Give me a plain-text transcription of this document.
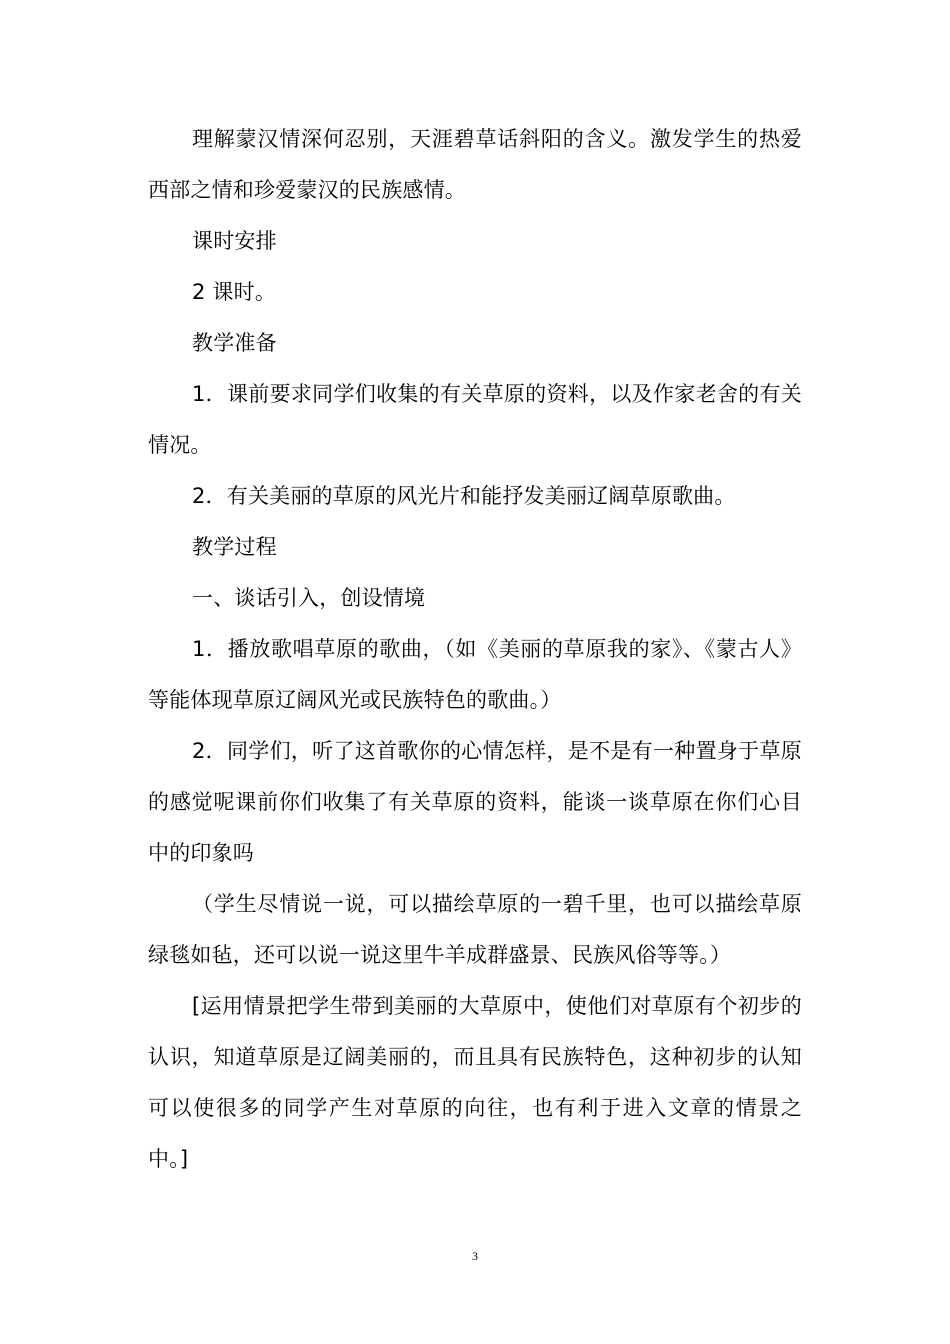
理解蒙汉情深何忍别，天涯碧草话斜阳的含义。激发学生的热爱西部之情和珍爱蒙汉的民族感情。

课时安排

2 课时。

教学准备

1．课前要求同学们收集的有关草原的资料，以及作家老舍的有关情况。

2．有关美丽的草原的风光片和能抒发美丽辽阔草原歌曲。

教学过程

一、谈话引入，创设情境

1．播放歌唱草原的歌曲，（如《美丽的草原我的家》、《蒙古人》等能体现草原辽阔风光或民族特色的歌曲。）

2．同学们，听了这首歌你的心情怎样，是不是有一种置身于草原的感觉呢课前你们收集了有关草原的资料，能谈一谈草原在你们心目中的印象吗

（学生尽情说一说，可以描绘草原的一碧千里，也可以描绘草原绿毯如毡，还可以说一说这里牛羊成群盛景、民族风俗等等。）

[运用情景把学生带到美丽的大草原中，使他们对草原有个初步的认识，知道草原是辽阔美丽的，而且具有民族特色，这种初步的认知可以使很多的同学产生对草原的向往，也有利于进入文章的情景之中。]

3
